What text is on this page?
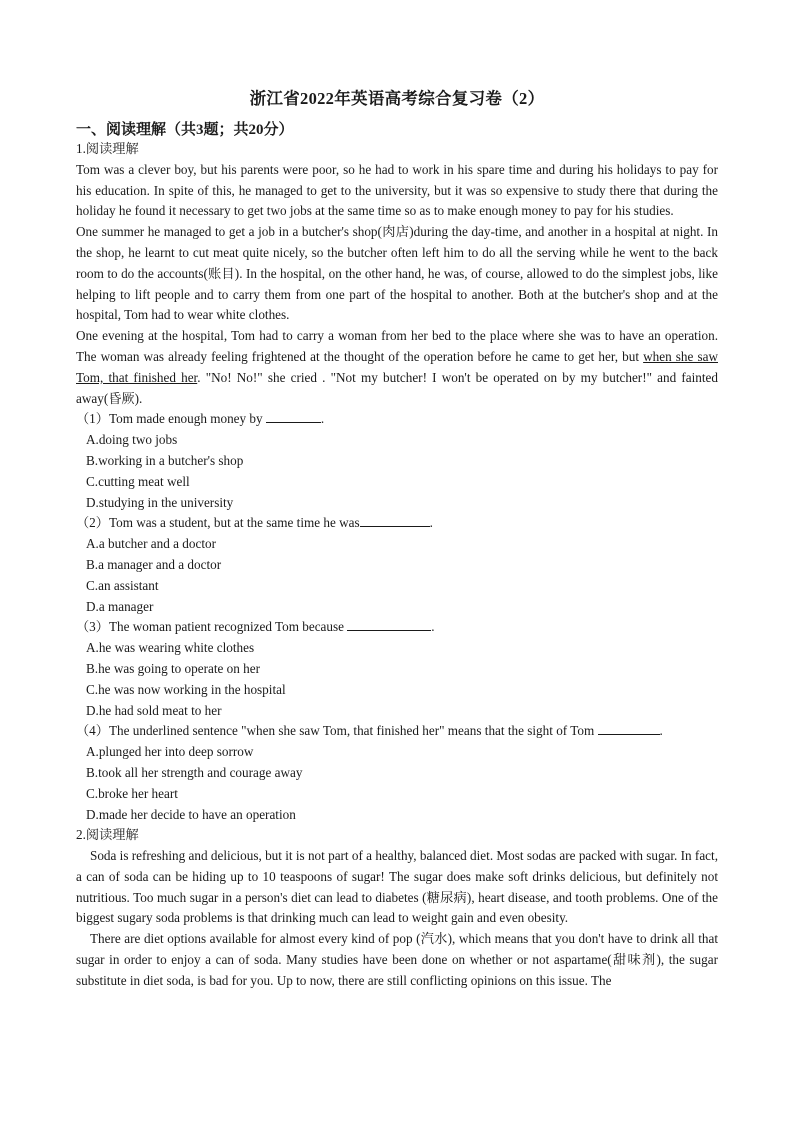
浙江省2022年英语高考综合复习卷（2）
一、阅读理解（共3题；共20分）

1.阅读理解

Tom was a clever boy, but his parents were poor, so he had to work in his spare time and during his holidays to pay for his education. In spite of this, he managed to get to the university, but it was so expensive to study there that during the holiday he found it necessary to get two jobs at the same time so as to make enough money to pay for his studies.

One summer he managed to get a job in a butcher's shop(肉店)during the day-time, and another in a hospital at night. In the shop, he learnt to cut meat quite nicely, so the butcher often left him to do all the serving while he went to the back room to do the accounts(账目). In the hospital, on the other hand, he was, of course, allowed to do the simplest jobs, like helping to lift people and to carry them from one part of the hospital to another. Both at the butcher's shop and at the hospital, Tom had to wear white clothes.

One evening at the hospital, Tom had to carry a woman from her bed to the place where she was to have an operation. The woman was already feeling frightened at the thought of the operation before he came to get her, but when she saw Tom, that finished her. "No! No!" she cried . "Not my butcher! I won't be operated on by my butcher!" and fainted away(昏厥).

（1）Tom made enough money by	.

A.doing two jobs

B.working in a butcher's shop

C.cutting meat well

D.studying in the university

（2）Tom was a student, but at the same time he was	.

A.a butcher and a doctor

B.a manager and a doctor

C.an assistant

D.a manager

（3）The woman patient recognized Tom because	.

A.he was wearing white clothes

B.he was going to operate on her

C.he was now working in the hospital

D.he had sold meat to her

（4）The underlined sentence "when she saw Tom, that finished her" means that the sight of Tom	.

A.plunged her into deep sorrow

B.took all her strength and courage away

C.broke her heart

D.made her decide to have an operation

2.阅读理解

Soda is refreshing and delicious, but it is not part of a healthy, balanced diet. Most sodas are packed with sugar. In fact, a can of soda can be hiding up to 10 teaspoons of sugar! The sugar does make soft drinks delicious, but definitely not nutritious. Too much sugar in a person's diet can lead to diabetes (糖尿病), heart disease, and tooth problems. One of the biggest sugary soda problems is that drinking much can lead to weight gain and even obesity.

There are diet options available for almost every kind of pop (汽水), which means that you don't have to drink all that sugar in order to enjoy a can of soda. Many studies have been done on whether or not aspartame(甜味剂), the sugar substitute in diet soda, is bad for you. Up to now, there are still conflicting opinions on this issue. The
